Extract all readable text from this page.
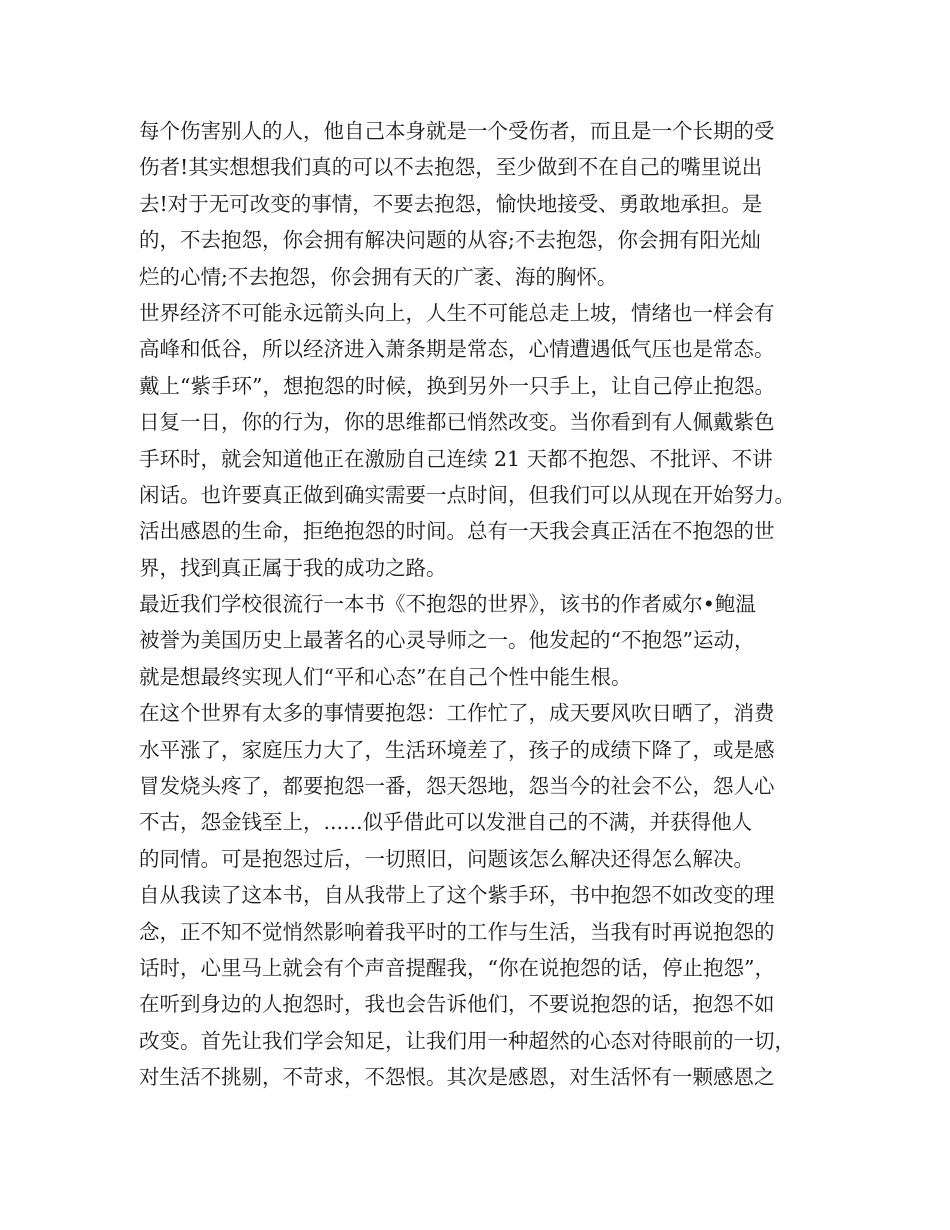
每个伤害别人的人，他自己本身就是一个受伤者，而且是一个长期的受
伤者!其实想想我们真的可以不去抱怨，至少做到不在自己的嘴里说出
去!对于无可改变的事情，不要去抱怨，愉快地接受、勇敢地承担。是
的，不去抱怨，你会拥有解决问题的从容;不去抱怨，你会拥有阳光灿
烂的心情;不去抱怨，你会拥有天的广袤、海的胸怀。
世界经济不可能永远箭头向上，人生不可能总走上坡，情绪也一样会有
高峰和低谷，所以经济进入萧条期是常态，心情遭遇低气压也是常态。
戴上“紫手环”，想抱怨的时候，换到另外一只手上，让自己停止抱怨。
日复一日，你的行为，你的思维都已悄然改变。当你看到有人佩戴紫色
手环时，就会知道他正在激励自己连续 21 天都不抱怨、不批评、不讲
闲话。也许要真正做到确实需要一点时间，但我们可以从现在开始努力。
活出感恩的生命，拒绝抱怨的时间。总有一天我会真正活在不抱怨的世
界，找到真正属于我的成功之路。
最近我们学校很流行一本书《不抱怨的世界》，该书的作者威尔•鲍温
被誉为美国历史上最著名的心灵导师之一。他发起的“不抱怨”运动，
就是想最终实现人们“平和心态”在自己个性中能生根。
在这个世界有太多的事情要抱怨：工作忙了，成天要风吹日晒了，消费
水平涨了，家庭压力大了，生活环境差了，孩子的成绩下降了，或是感
冒发烧头疼了，都要抱怨一番，怨天怨地，怨当今的社会不公，怨人心
不古，怨金钱至上，......似乎借此可以发泄自己的不满，并获得他人
的同情。可是抱怨过后，一切照旧，问题该怎么解决还得怎么解决。
自从我读了这本书，自从我带上了这个紫手环，书中抱怨不如改变的理
念，正不知不觉悄然影响着我平时的工作与生活，当我有时再说抱怨的
话时，心里马上就会有个声音提醒我，“你在说抱怨的话，停止抱怨”，
在听到身边的人抱怨时，我也会告诉他们，不要说抱怨的话，抱怨不如
改变。首先让我们学会知足，让我们用一种超然的心态对待眼前的一切，
对生活不挑剔，不苛求，不怨恨。其次是感恩，对生活怀有一颗感恩之
